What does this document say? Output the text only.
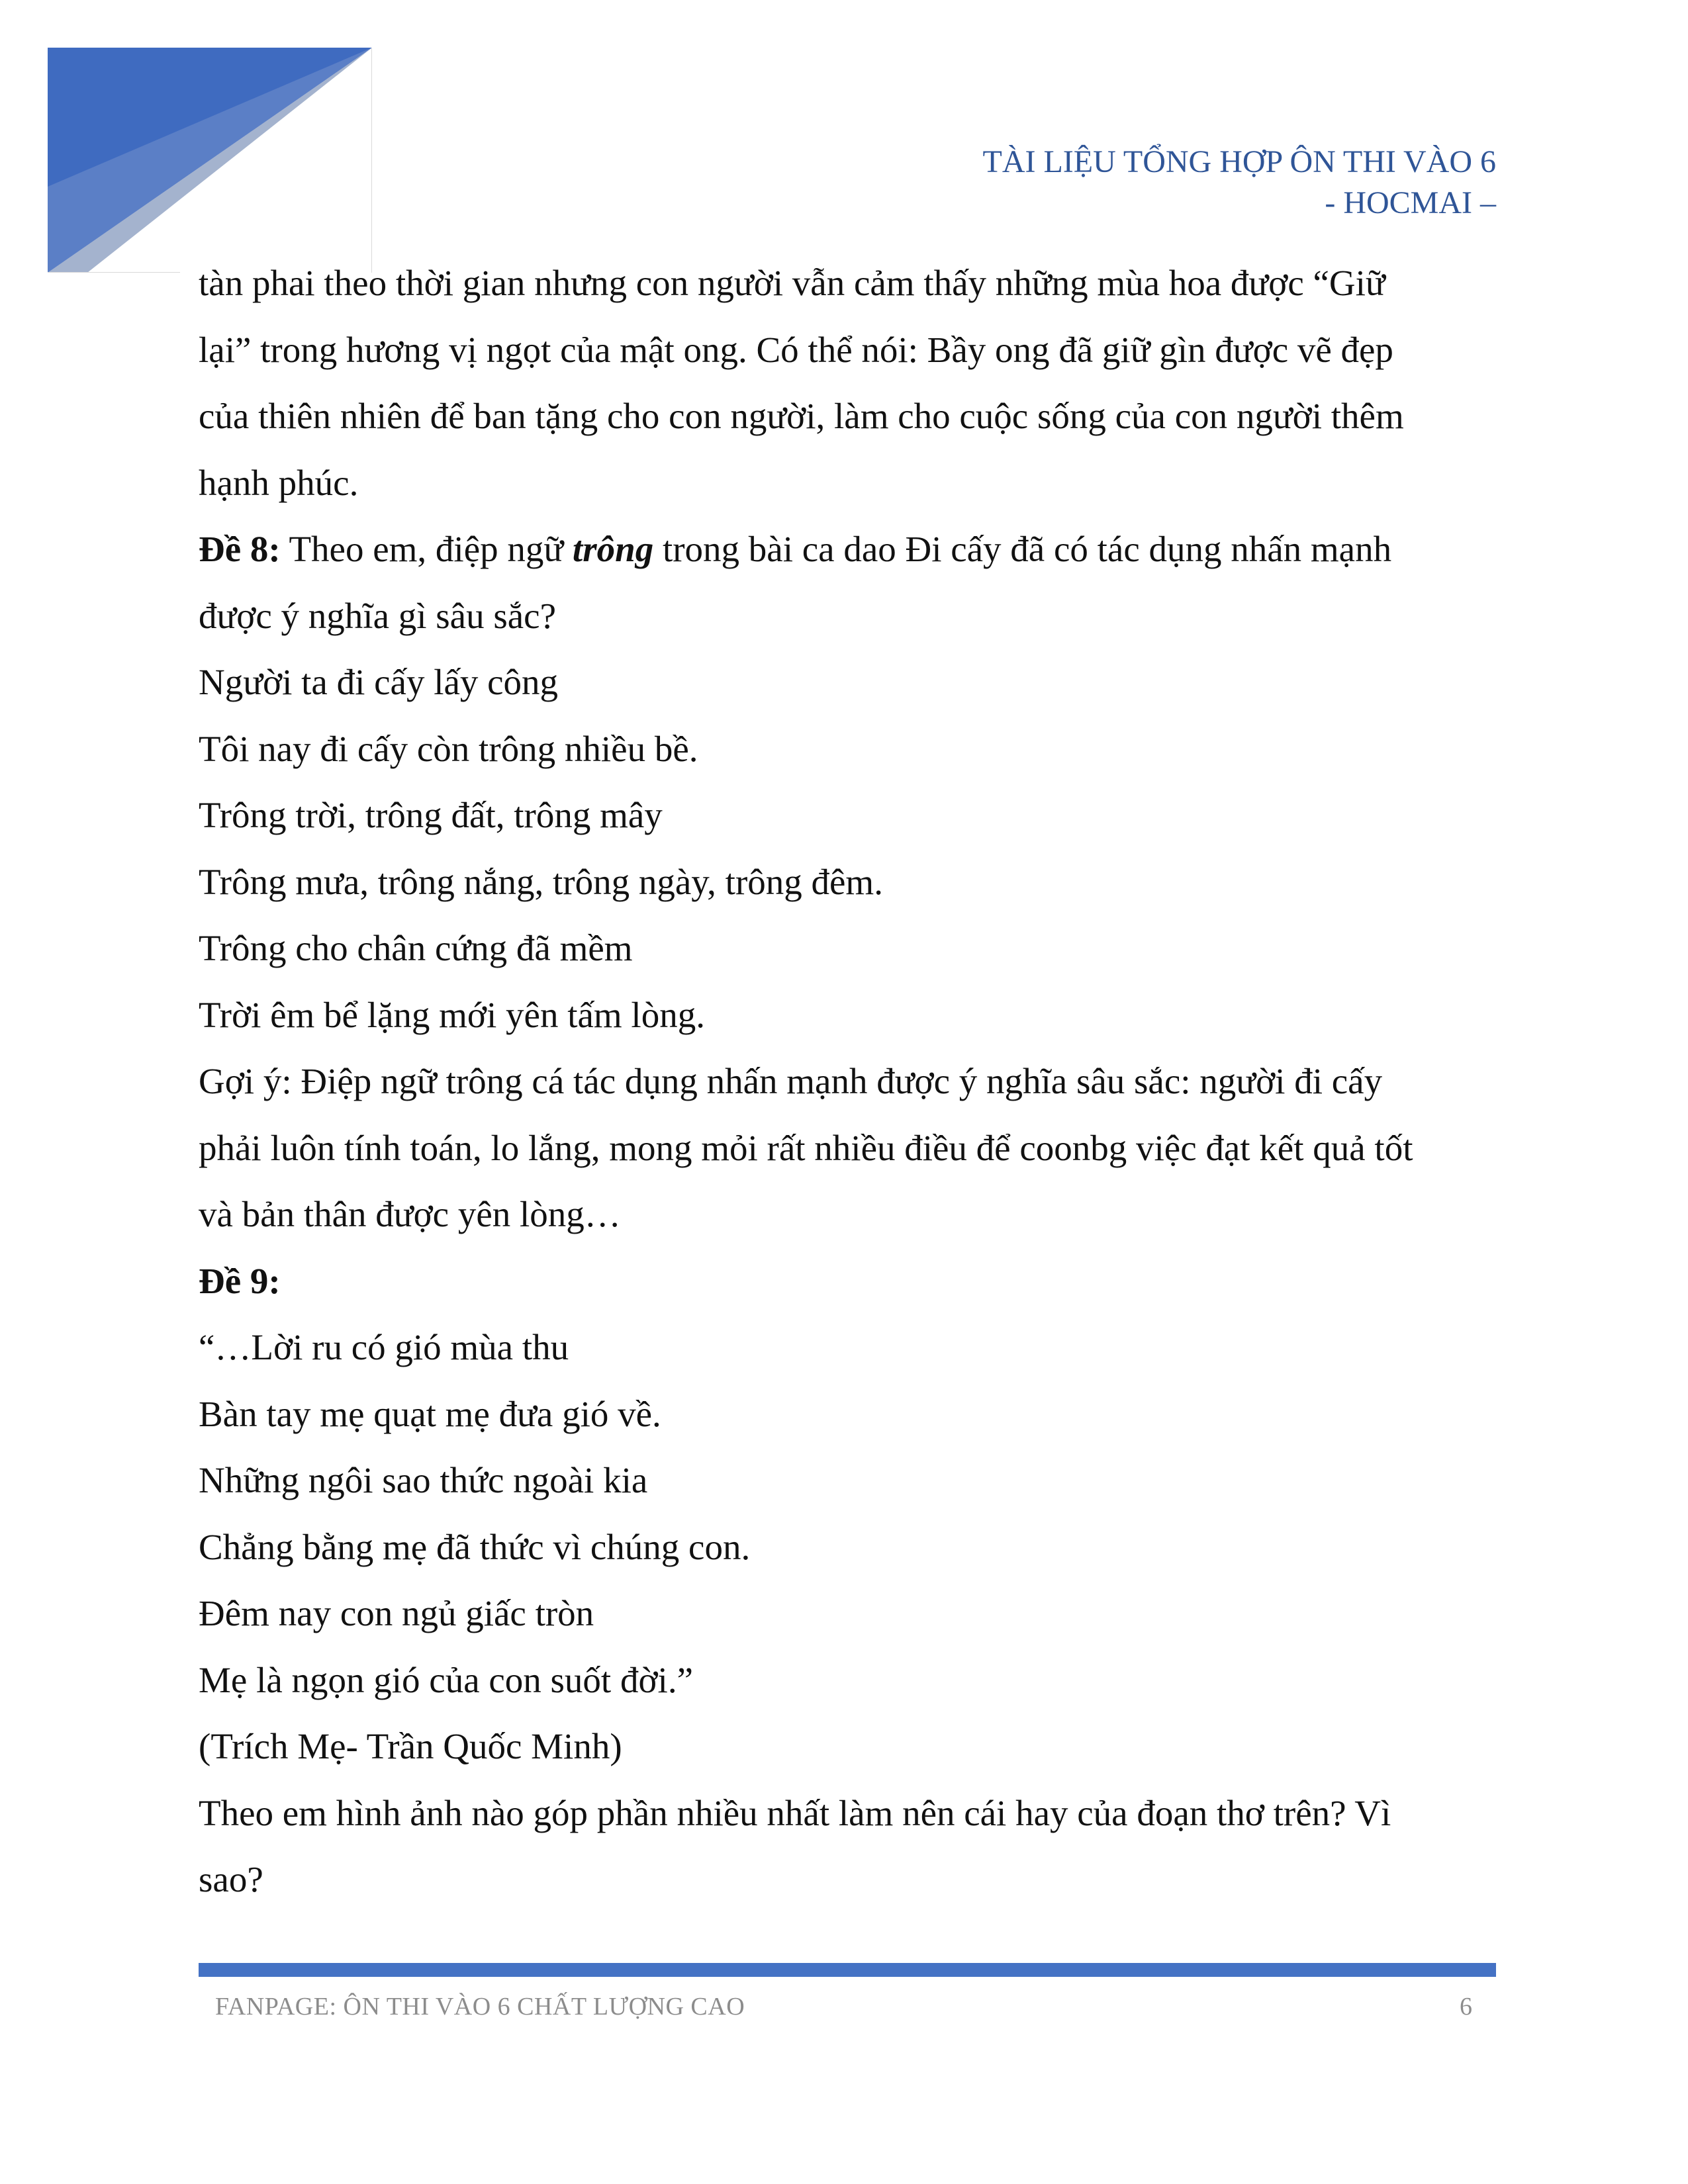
TÀI LIỆU TỔNG HỢP ÔN THI VÀO 6
- HOCMAI –

tàn phai theo thời gian nhưng con người vẫn cảm thấy những mùa hoa được “Giữ

lại” trong hương vị ngọt của mật ong. Có thể nói: Bầy ong đã giữ gìn được vẽ đẹp

của thiên nhiên để ban tặng cho con người, làm cho cuộc sống của con người thêm

hạnh phúc.

Đề 8: Theo em, điệp ngữ trông trong bài ca dao Đi cấy đã có tác dụng nhấn mạnh

được ý nghĩa gì sâu sắc?

Người ta đi cấy lấy công

Tôi nay đi cấy còn trông nhiều bề.

Trông trời, trông đất, trông mây

Trông mưa, trông nắng, trông ngày, trông đêm.

Trông cho chân cứng đã mềm

Trời êm bể lặng mới yên tấm lòng.

Gợi ý: Điệp ngữ trông cá tác dụng nhấn mạnh được ý nghĩa sâu sắc: người đi cấy

phải luôn tính toán, lo lắng, mong mỏi rất nhiều điều để coonbg việc đạt kết quả tốt

và bản thân được yên lòng…

Đề 9:

“…Lời ru có gió mùa thu

Bàn tay mẹ quạt mẹ đưa gió về.

Những ngôi sao thức ngoài kia

Chẳng bằng mẹ đã thức vì chúng con.

Đêm nay con ngủ giấc tròn

Mẹ là ngọn gió của con suốt đời.”

(Trích Mẹ- Trần Quốc Minh)

Theo em hình ảnh nào góp phần nhiều nhất làm nên cái hay của đoạn thơ trên? Vì

sao?

FANPAGE: ÔN THI VÀO 6 CHẤT LƯỢNG CAO	6
